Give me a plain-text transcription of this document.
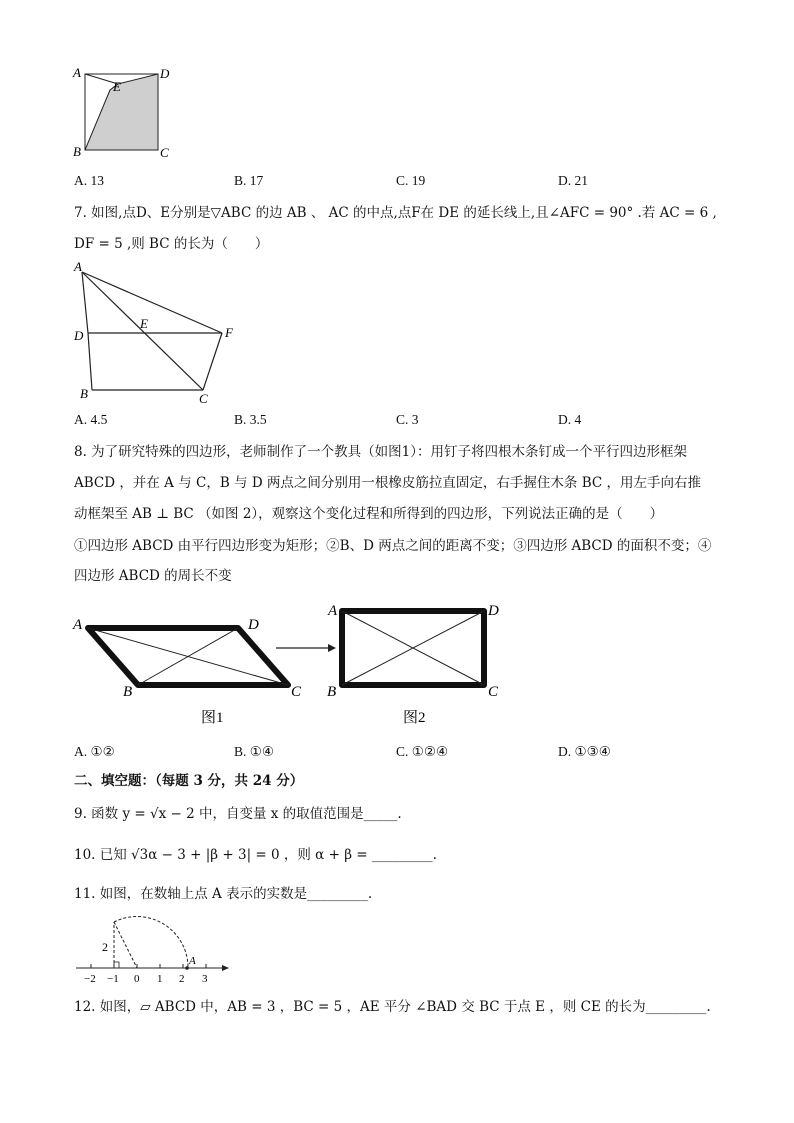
A
E
D
B	C
A. 13	B. 17	C. 19	D. 21
7. 如图,点D、E分别是▽ABC 的边 AB 、 AC 的中点,点F在 DE 的延长线上,且∠AFC = 90° .若 AC = 6 ,
DF = 5 ,则 BC 的长为（　　）
A
D
E
F
B	C
A. 4.5	B. 3.5	C. 3	D. 4
8. 为了研究特殊的四边形，老师制作了一个教具（如图1）：用钉子将四根木条钉成一个平行四边形框架
ABCD ，并在 A 与 C，B 与 D 两点之间分别用一根橡皮筋拉直固定，右手握住木条 BC ，用左手向右推
动框架至 AB ⊥ BC （如图 2），观察这个变化过程和所得到的四边形，下列说法正确的是（　　）
①四边形 ABCD 由平行四边形变为矩形；②B、D 两点之间的距离不变；③四边形 ABCD 的面积不变；④
四边形 ABCD 的周长不变
A	D
B	C
图1
A	D
B	C
图2
A. ①②	B. ①④	C. ①②④	D. ①③④
二、填空题：（每题 3 分，共 24 分）
9. 函数 y = √x − 2 中，自变量 x 的取值范围是_____.
10. 已知 √3α − 3 + |β + 3| = 0 ，则 α + β = _________.
11. 如图，在数轴上点 A 表示的实数是_________.
2
A
−2 −1 0 1 2 3
12. 如图，▱ ABCD 中，AB = 3 ，BC = 5 ，AE 平分 ∠BAD 交 BC 于点 E ，则 CE 的长为_________.
